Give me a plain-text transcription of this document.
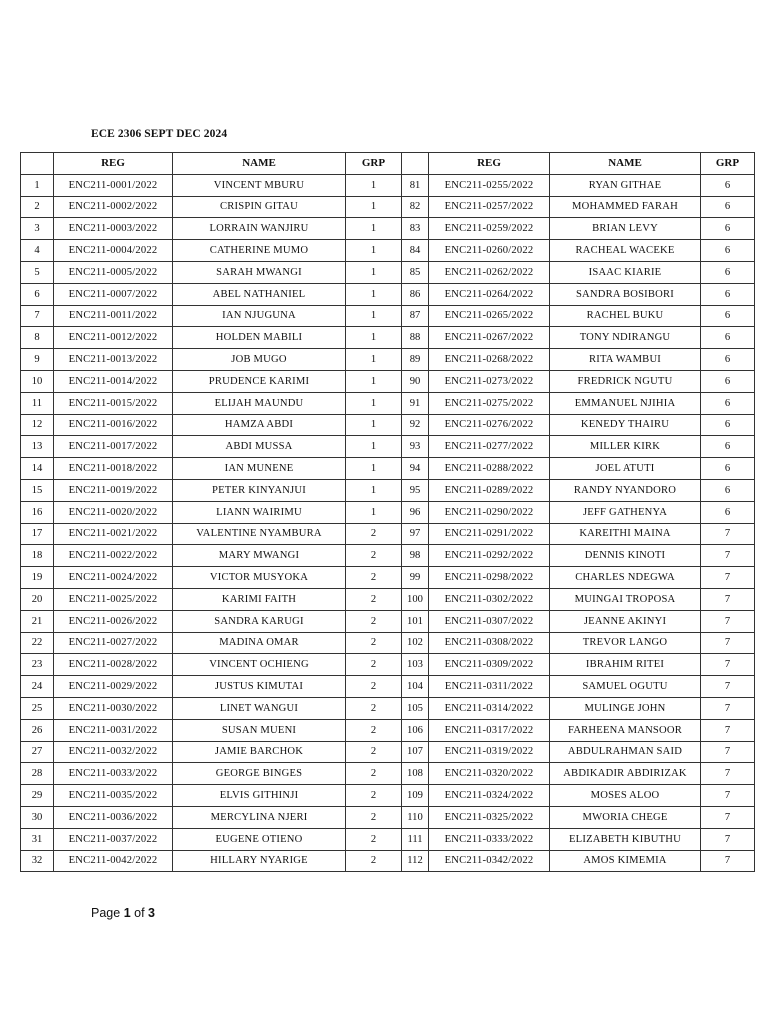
ECE 2306 SEPT DEC 2024
	REG	NAME	GRP		REG	NAME	GRP
1	ENC211-0001/2022	VINCENT MBURU	1	81	ENC211-0255/2022	RYAN GITHAE	6
2	ENC211-0002/2022	CRISPIN GITAU	1	82	ENC211-0257/2022	MOHAMMED FARAH	6
3	ENC211-0003/2022	LORRAIN WANJIRU	1	83	ENC211-0259/2022	BRIAN LEVY	6
4	ENC211-0004/2022	CATHERINE MUMO	1	84	ENC211-0260/2022	RACHEAL WACEKE	6
5	ENC211-0005/2022	SARAH MWANGI	1	85	ENC211-0262/2022	ISAAC KIARIE	6
6	ENC211-0007/2022	ABEL NATHANIEL	1	86	ENC211-0264/2022	SANDRA BOSIBORI	6
7	ENC211-0011/2022	IAN NJUGUNA	1	87	ENC211-0265/2022	RACHEL BUKU	6
8	ENC211-0012/2022	HOLDEN MABILI	1	88	ENC211-0267/2022	TONY NDIRANGU	6
9	ENC211-0013/2022	JOB MUGO	1	89	ENC211-0268/2022	RITA WAMBUI	6
10	ENC211-0014/2022	PRUDENCE KARIMI	1	90	ENC211-0273/2022	FREDRICK NGUTU	6
11	ENC211-0015/2022	ELIJAH MAUNDU	1	91	ENC211-0275/2022	EMMANUEL NJIHIA	6
12	ENC211-0016/2022	HAMZA ABDI	1	92	ENC211-0276/2022	KENEDY THAIRU	6
13	ENC211-0017/2022	ABDI MUSSA	1	93	ENC211-0277/2022	MILLER KIRK	6
14	ENC211-0018/2022	IAN MUNENE	1	94	ENC211-0288/2022	JOEL ATUTI	6
15	ENC211-0019/2022	PETER KINYANJUI	1	95	ENC211-0289/2022	RANDY NYANDORO	6
16	ENC211-0020/2022	LIANN WAIRIMU	1	96	ENC211-0290/2022	JEFF GATHENYA	6
17	ENC211-0021/2022	VALENTINE NYAMBURA	2	97	ENC211-0291/2022	KAREITHI MAINA	7
18	ENC211-0022/2022	MARY MWANGI	2	98	ENC211-0292/2022	DENNIS KINOTI	7
19	ENC211-0024/2022	VICTOR MUSYOKA	2	99	ENC211-0298/2022	CHARLES NDEGWA	7
20	ENC211-0025/2022	KARIMI FAITH	2	100	ENC211-0302/2022	MUINGAI TROPOSA	7
21	ENC211-0026/2022	SANDRA KARUGI	2	101	ENC211-0307/2022	JEANNE AKINYI	7
22	ENC211-0027/2022	MADINA OMAR	2	102	ENC211-0308/2022	TREVOR LANGO	7
23	ENC211-0028/2022	VINCENT OCHIENG	2	103	ENC211-0309/2022	IBRAHIM RITEI	7
24	ENC211-0029/2022	JUSTUS KIMUTAI	2	104	ENC211-0311/2022	SAMUEL OGUTU	7
25	ENC211-0030/2022	LINET WANGUI	2	105	ENC211-0314/2022	MULINGE JOHN	7
26	ENC211-0031/2022	SUSAN MUENI	2	106	ENC211-0317/2022	FARHEENA MANSOOR	7
27	ENC211-0032/2022	JAMIE BARCHOK	2	107	ENC211-0319/2022	ABDULRAHMAN SAID	7
28	ENC211-0033/2022	GEORGE BINGES	2	108	ENC211-0320/2022	ABDIKADIR ABDIRIZAK	7
29	ENC211-0035/2022	ELVIS GITHINJI	2	109	ENC211-0324/2022	MOSES ALOO	7
30	ENC211-0036/2022	MERCYLINA NJERI	2	110	ENC211-0325/2022	MWORIA CHEGE	7
31	ENC211-0037/2022	EUGENE OTIENO	2	111	ENC211-0333/2022	ELIZABETH KIBUTHU	7
32	ENC211-0042/2022	HILLARY NYARIGE	2	112	ENC211-0342/2022	AMOS KIMEMIA	7
Page 1 of 3
